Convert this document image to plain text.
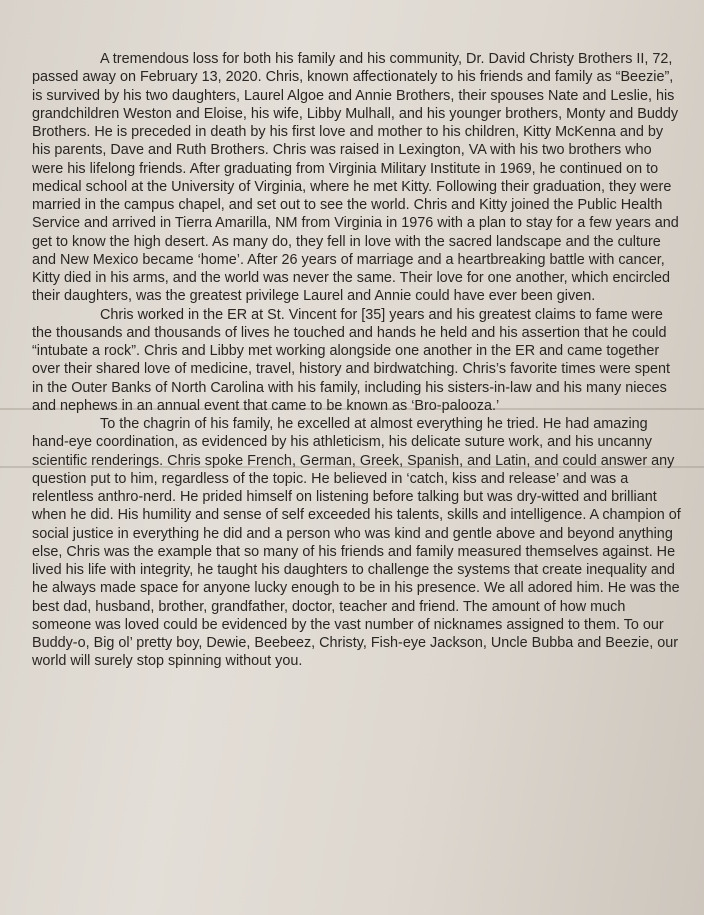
A tremendous loss for both his family and his community, Dr. David Christy Brothers II, 72, passed away on February 13, 2020. Chris, known affectionately to his friends and family as “Beezie”, is survived by his two daughters, Laurel Algoe and Annie Brothers, their spouses Nate and Leslie, his grandchildren Weston and Eloise, his wife, Libby Mulhall, and his younger brothers, Monty and Buddy Brothers. He is preceded in death by his first love and mother to his children, Kitty McKenna and by his parents, Dave and Ruth Brothers. Chris was raised in Lexington, VA with his two brothers who were his lifelong friends. After graduating from Virginia Military Institute in 1969, he continued on to medical school at the University of Virginia, where he met Kitty. Following their graduation, they were married in the campus chapel, and set out to see the world. Chris and Kitty joined the Public Health Service and arrived in Tierra Amarilla, NM from Virginia in 1976 with a plan to stay for a few years and get to know the high desert. As many do, they fell in love with the sacred landscape and the culture and New Mexico became ‘home’. After 26 years of marriage and a heartbreaking battle with cancer, Kitty died in his arms, and the world was never the same. Their love for one another, which encircled their daughters, was the greatest privilege Laurel and Annie could have ever been given.

Chris worked in the ER at St. Vincent for [35] years and his greatest claims to fame were the thousands and thousands of lives he touched and hands he held and his assertion that he could “intubate a rock”. Chris and Libby met working alongside one another in the ER and came together over their shared love of medicine, travel, history and birdwatching. Chris’s favorite times were spent in the Outer Banks of North Carolina with his family, including his sisters-in-law and his many nieces and nephews in an annual event that came to be known as ‘Bro-palooza.’

To the chagrin of his family, he excelled at almost everything he tried. He had amazing hand-eye coordination, as evidenced by his athleticism, his delicate suture work, and his uncanny scientific renderings. Chris spoke French, German, Greek, Spanish, and Latin, and could answer any question put to him, regardless of the topic. He believed in ‘catch, kiss and release’ and was a relentless anthro-nerd. He prided himself on listening before talking but was dry-witted and brilliant when he did. His humility and sense of self exceeded his talents, skills and intelligence. A champion of social justice in everything he did and a person who was kind and gentle above and beyond anything else, Chris was the example that so many of his friends and family measured themselves against. He lived his life with integrity, he taught his daughters to challenge the systems that create inequality and he always made space for anyone lucky enough to be in his presence. We all adored him. He was the best dad, husband, brother, grandfather, doctor, teacher and friend. The amount of how much someone was loved could be evidenced by the vast number of nicknames assigned to them. To our Buddy-o, Big ol’ pretty boy, Dewie, Beebeez, Christy, Fish-eye Jackson, Uncle Bubba and Beezie, our world will surely stop spinning without you.
